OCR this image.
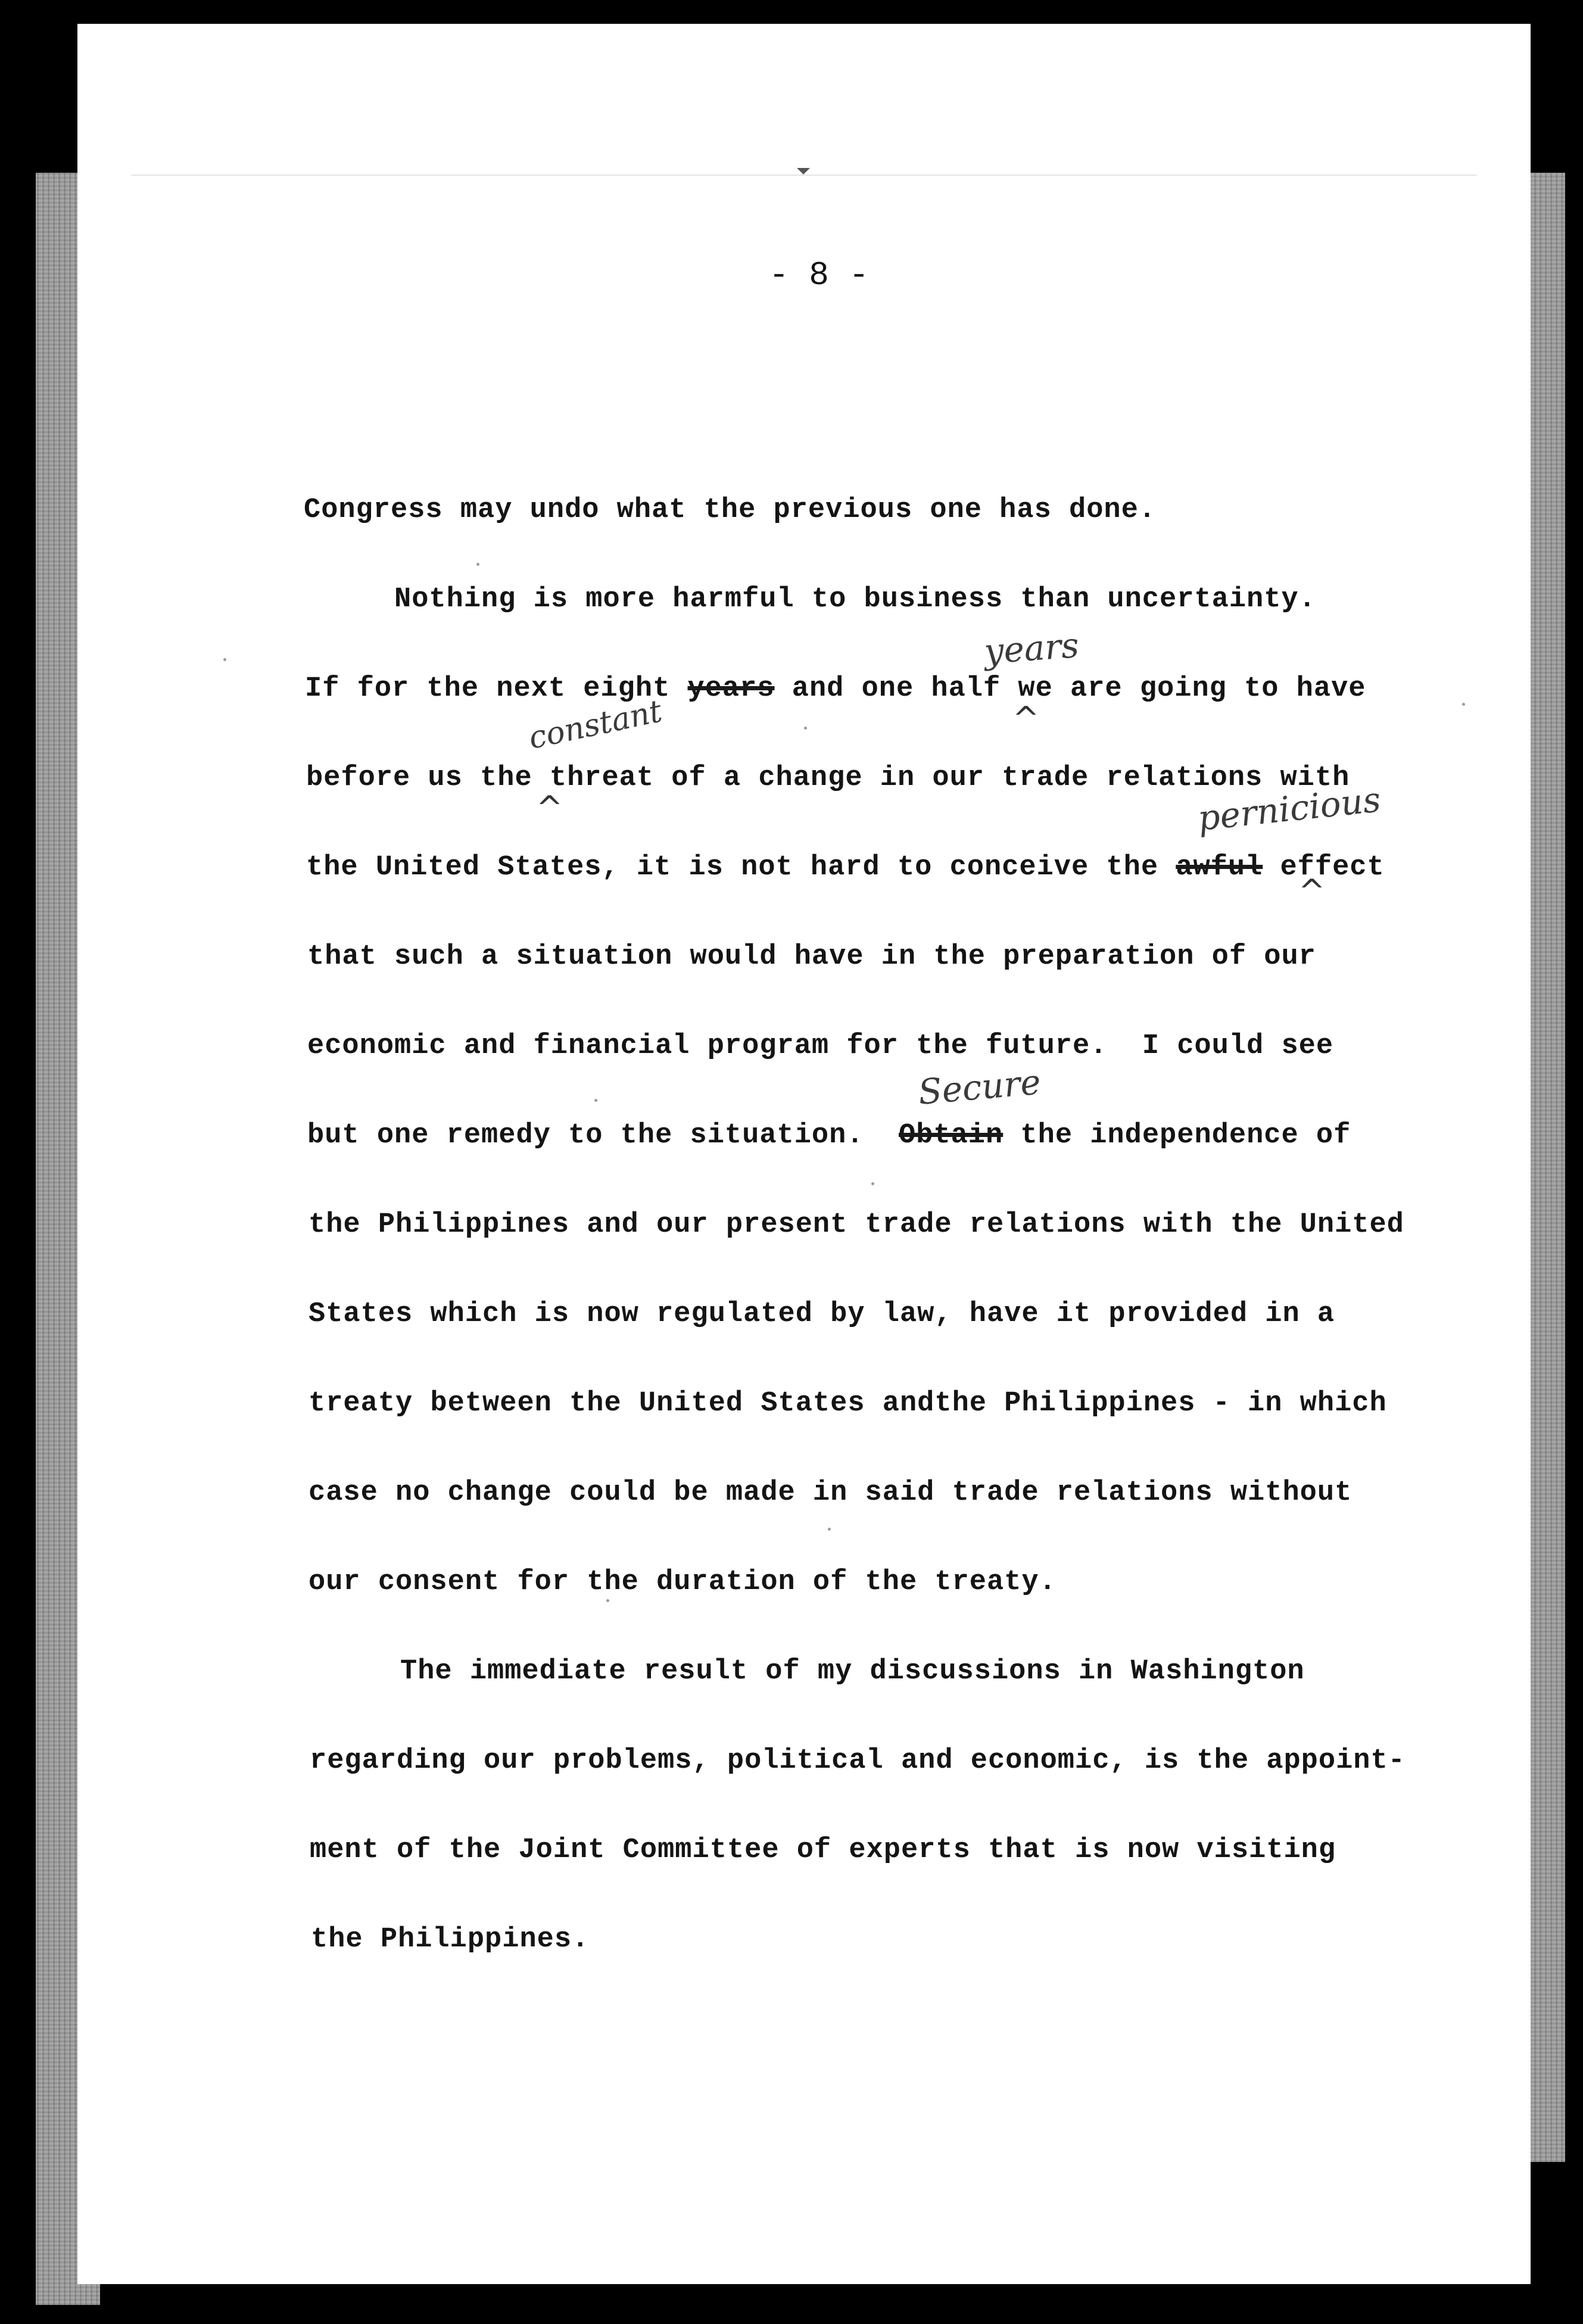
- 8 -
Congress may undo what the previous one has done.
Nothing is more harmful to business than uncertainty.
If for the next eight years and one half we are going to have
before us the threat of a change in our trade relations with
the United States, it is not hard to conceive the awful effect
that such a situation would have in the preparation of our
economic and financial program for the future.  I could see
but one remedy to the situation.  Obtain the independence of
the Philippines and our present trade relations with the United
States which is now regulated by law, have it provided in a
treaty between the United States andthe Philippines - in which
case no change could be made in said trade relations without
our consent for the duration of the treaty.
The immediate result of my discussions in Washington
regarding our problems, political and economic, is the appoint-
ment of the Joint Committee of experts that is now visiting
the Philippines.
years
^
constant
^	pernicious
^
Secure
